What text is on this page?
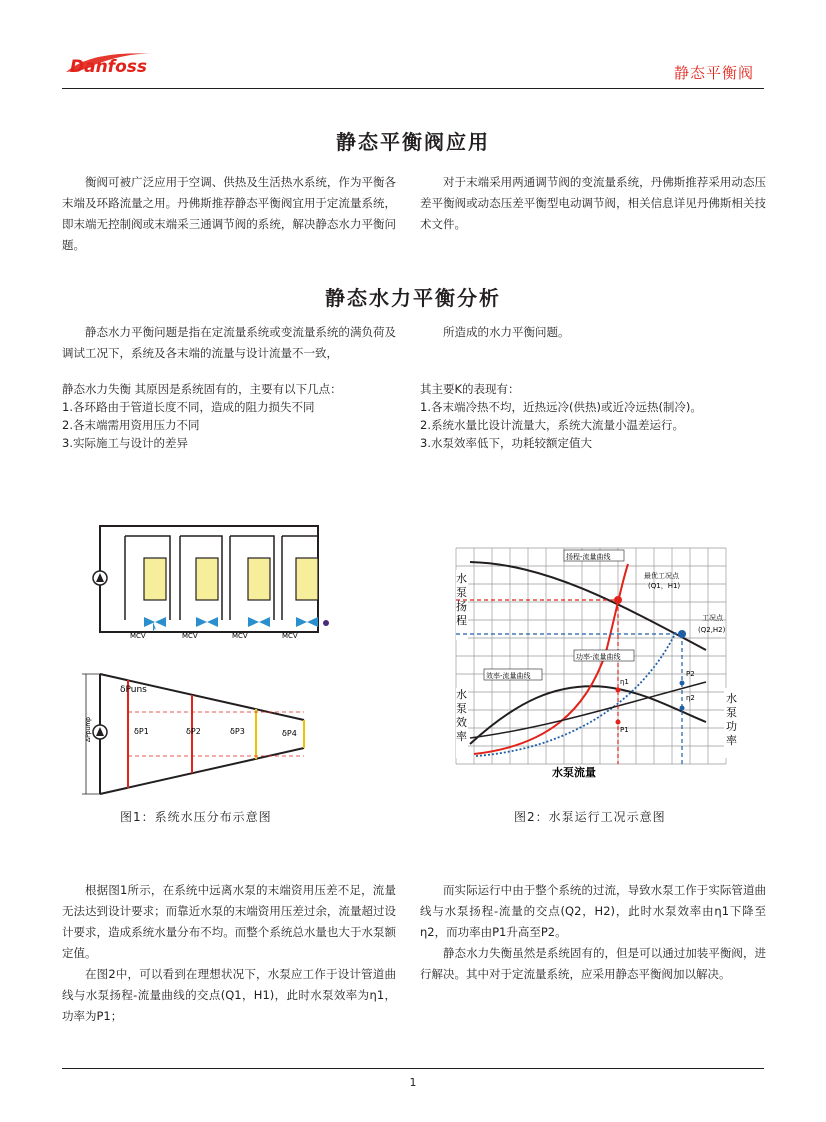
Danfoss	静态平衡阀
静态平衡阀应用

衡阀可被广泛应用于空调、供热及生活热水系统，作为平衡各末端及环路流量之用。丹佛斯推荐静态平衡阀宜用于定流量系统，即末端无控制阀或末端采三通调节阀的系统，解决静态水力平衡问题。

对于末端采用两通调节阀的变流量系统，丹佛斯推荐采用动态压差平衡阀或动态压差平衡型电动调节阀，相关信息详见丹佛斯相关技术文件。

静态水力平衡分析

静态水力平衡问题是指在定流量系统或变流量系统的满负荷及调试工况下，系统及各末端的流量与设计流量不一致，

所造成的水力平衡问题。

静态水力失衡 其原因是系统固有的，主要有以下几点：
1.各环路由于管道长度不同，造成的阻力损失不同
2.各末端需用资用压力不同
3.实际施工与设计的差异
其主要K的表现有：
1.各末端冷热不均，近热远冷(供热)或近冷远热(制冷)。
2.系统水量比设计流量大，系统大流量小温差运行。
3.水泵效率低下，功耗较额定值大
MCV	MCV	MCV	MCV
ΔPpump
δPuns
δP1	δP2	δP3	δP4
图1：系统水压分布示意图
扬程-流量曲线
效率-流量曲线
功率-流量曲线
最优工况点
(Q1，H1)
工况点
(Q2,H2)
η1
η2
P1
P2
水
泵
扬
程
水
泵
效
率
水
泵
功
率
水泵流量
图2：水泵运行工况示意图

根据图1所示，在系统中远离水泵的末端资用压差不足，流量无法达到设计要求；而靠近水泵的末端资用压差过余，流量超过设计要求，造成系统水量分布不均。而整个系统总水量也大于水泵额定值。

在图2中，可以看到在理想状况下，水泵应工作于设计管道曲线与水泵扬程-流量曲线的交点(Q1，H1)，此时水泵效率为η1，功率为P1；

而实际运行中由于整个系统的过流，导致水泵工作于实际管道曲线与水泵扬程-流量的交点(Q2，H2)，此时水泵效率由η1下降至η2，而功率由P1升高至P2。

静态水力失衡虽然是系统固有的，但是可以通过加装平衡阀，进行解决。其中对于定流量系统，应采用静态平衡阀加以解决。

1
